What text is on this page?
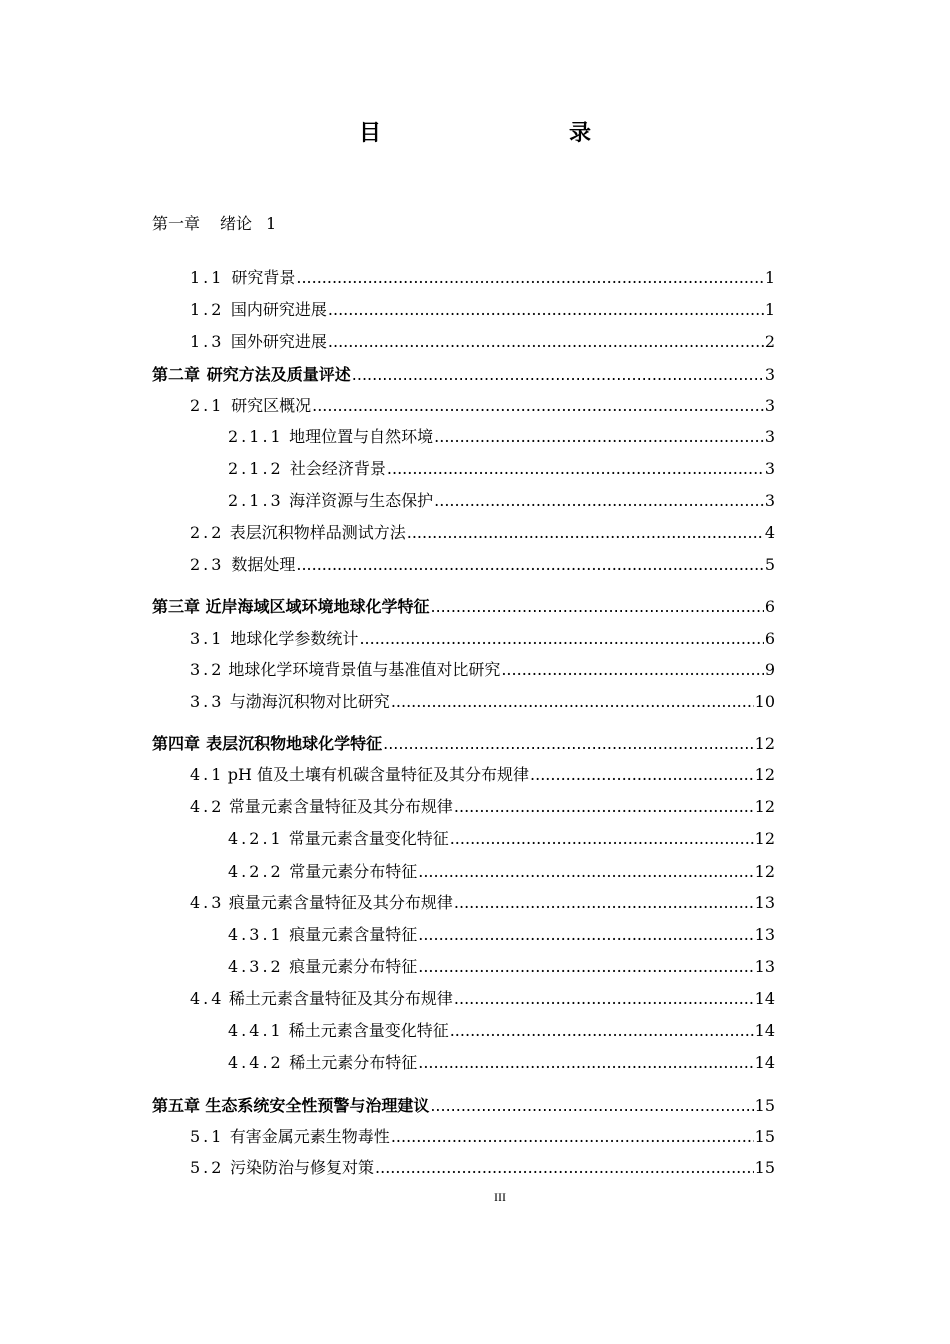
目　　录
第一章 绪论 1
1.1 研究背景 .....	1
1.2 国内研究进展 .....	1
1.3 国外研究进展 .....	2
第二章 研究方法及质量评述 .....	3
2.1 研究区概况 .....	3
2.1.1 地理位置与自然环境 .....	3
2.1.2 社会经济背景 .....	3
2.1.3 海洋资源与生态保护 .....	3
2.2 表层沉积物样品测试方法 .....	4
2.3 数据处理 .....	5
第三章 近岸海域区域环境地球化学特征 .....	6
3.1 地球化学参数统计 .....	6
3.2 地球化学环境背景值与基准值对比研究 .....	9
3.3 与渤海沉积物对比研究 .....	10
第四章 表层沉积物地球化学特征 .....	12
4.1 pH 值及土壤有机碳含量特征及其分布规律 .....	12
4.2 常量元素含量特征及其分布规律 .....	12
4.2.1 常量元素含量变化特征 .....	12
4.2.2 常量元素分布特征 .....	12
4.3 痕量元素含量特征及其分布规律 .....	13
4.3.1 痕量元素含量特征 .....	13
4.3.2 痕量元素分布特征 .....	13
4.4 稀土元素含量特征及其分布规律 .....	14
4.4.1 稀土元素含量变化特征 .....	14
4.4.2 稀土元素分布特征 .....	14
第五章 生态系统安全性预警与治理建议 .....	15
5.1 有害金属元素生物毒性 .....	15
5.2 污染防治与修复对策 .....	15
III
